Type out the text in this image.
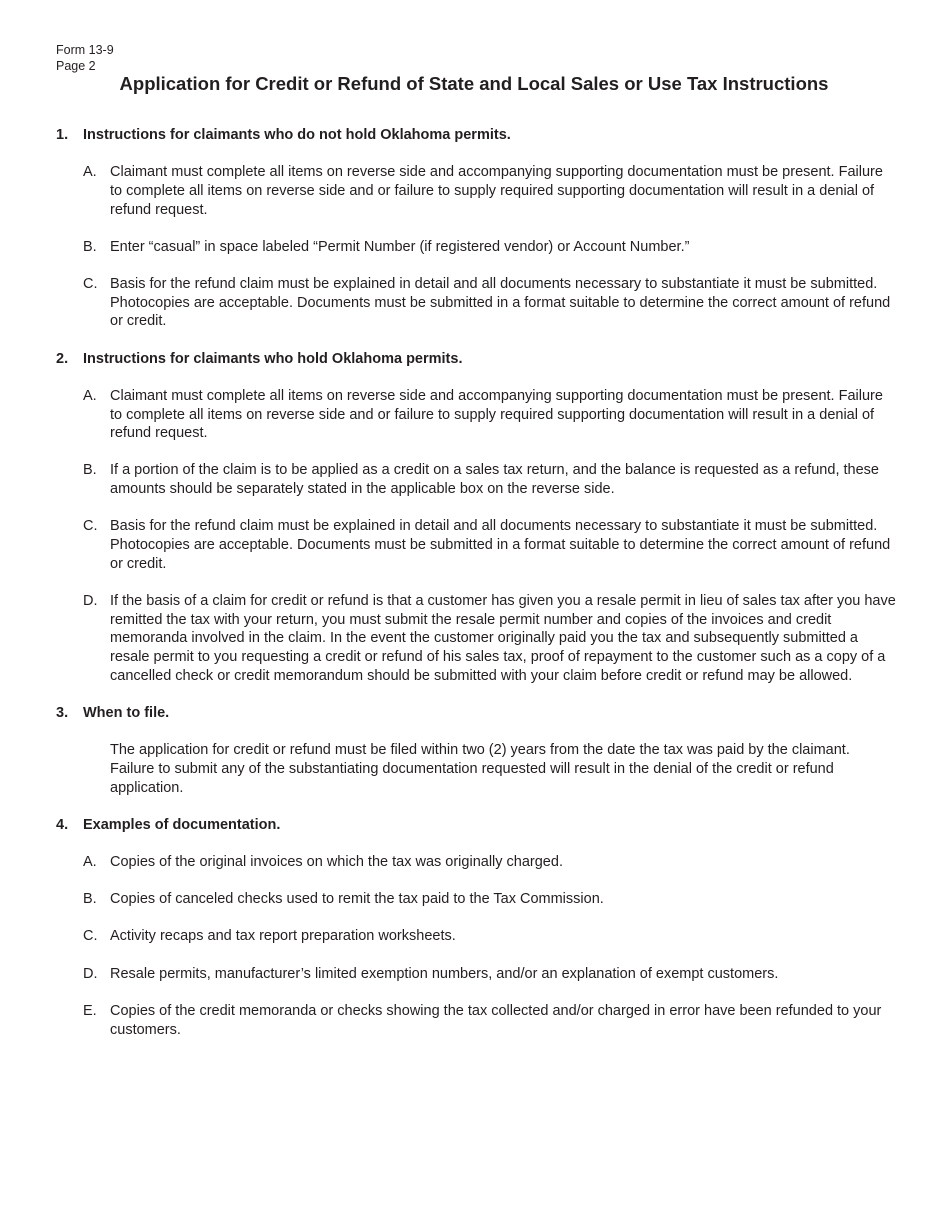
Form 13-9
Page 2
Application for Credit or Refund of State and Local Sales or Use Tax Instructions
1.	Instructions for claimants who do not hold Oklahoma permits.
A. Claimant must complete all items on reverse side and accompanying supporting documentation must be present. Failure to complete all items on reverse side and or failure to supply required supporting documentation will result in a denial of refund request.
B. Enter “casual” in space labeled “Permit Number (if registered vendor) or Account Number.”
C. Basis for the refund claim must be explained in detail and all documents necessary to substantiate it must be submitted. Photocopies are acceptable. Documents must be submitted in a format suitable to determine the correct amount of refund or credit.
2.	Instructions for claimants who hold Oklahoma permits.
A. Claimant must complete all items on reverse side and accompanying supporting documentation must be present. Failure to complete all items on reverse side and or failure to supply required supporting documentation will result in a denial of refund request.
B. If a portion of the claim is to be applied as a credit on a sales tax return, and the balance is requested as a refund, these amounts should be separately stated in the applicable box on the reverse side.
C. Basis for the refund claim must be explained in detail and all documents necessary to substantiate it must be submitted. Photocopies are acceptable. Documents must be submitted in a format suitable to determine the correct amount of refund or credit.
D. If the basis of a claim for credit or refund is that a customer has given you a resale permit in lieu of sales tax after you have remitted the tax with your return, you must submit the resale permit number and copies of the invoices and credit memoranda involved in the claim. In the event the customer originally paid you the tax and subsequently submitted a resale permit to you requesting a credit or refund of his sales tax, proof of repayment to the customer such as a copy of a cancelled check or credit memorandum should be submitted with your claim before credit or refund may be allowed.
3.	When to file.
The application for credit or refund must be filed within two (2) years from the date the tax was paid by the claimant. Failure to submit any of the substantiating documentation requested will result in the denial of the credit or refund application.
4.	Examples of documentation.
A. Copies of the original invoices on which the tax was originally charged.
B. Copies of canceled checks used to remit the tax paid to the Tax Commission.
C. Activity recaps and tax report preparation worksheets.
D. Resale permits, manufacturer’s limited exemption numbers, and/or an explanation of exempt customers.
E. Copies of the credit memoranda or checks showing the tax collected and/or charged in error have been refunded to your customers.
